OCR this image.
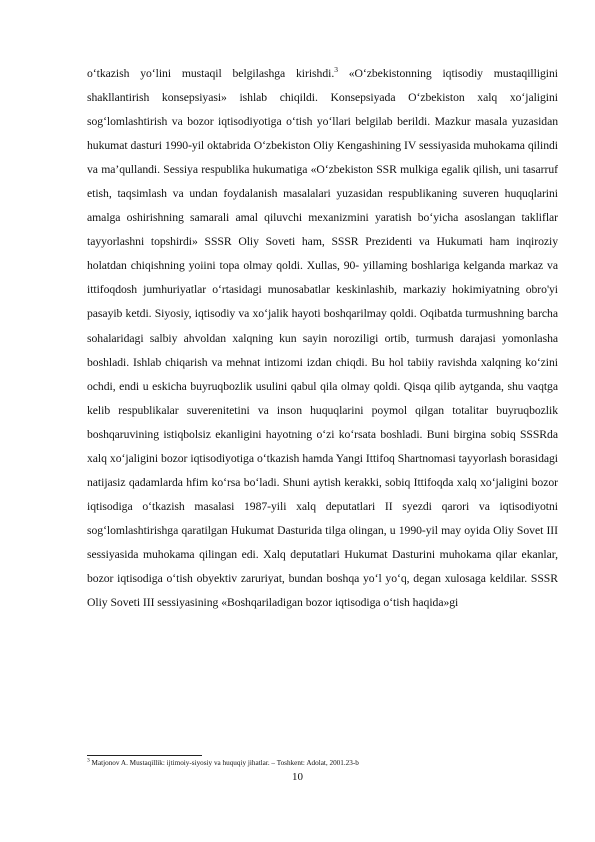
o‘tkazish yo‘lini mustaqil belgilashga kirishdi.$^3$ «O‘zbekistonning iqtisodiy mustaqilligini shakllantirish konsepsiyasi» ishlab chiqildi. Konsepsiyada O‘zbekiston xalq xo‘jaligini sog‘lomlashtirish va bozor iqtisodiyotiga o‘tish yo‘llari belgilab berildi. Mazkur masala yuzasidan hukumat dasturi 1990-yil oktabrida O‘zbekiston Oliy Kengashining IV sessiyasida muhokama qilindi va ma’qullandi. Sessiya respublika hukumatiga «O‘zbekiston SSR mulkiga egalik qilish, uni tasarruf etish, taqsimlash va undan foydalanish masalalari yuzasidan respublikaning suveren huquqlarini amalga oshirishning samarali amal qiluvchi mexanizmini yaratish bo‘yicha asoslangan takliflar tayyorlashni topshirdi» SSSR Oliy Soveti ham, SSSR Prezidenti va Hukumati ham inqiroziy holatdan chiqishning yoiini topa olmay qoldi. Xullas, 90- yillaming boshlariga kelganda markaz va ittifoqdosh jumhuriyatlar o‘rtasidagi munosabatlar keskinlashib, markaziy hokimiyatning obro'yi pasayib ketdi. Siyosiy, iqtisodiy va xo‘jalik hayoti boshqarilmay qoldi. Oqibatda turmushning barcha sohalaridagi salbiy ahvoldan xalqning kun sayin noroziligi ortib, turmush darajasi yomonlasha boshladi. Ishlab chiqarish va mehnat intizomi izdan chiqdi. Bu hol tabiiy ravishda xalqning ko‘zini ochdi, endi u eskicha buyruqbozlik usulini qabul qila olmay qoldi. Qisqa qilib aytganda, shu vaqtga kelib respublikalar suverenitetini va inson huquqlarini poymol qilgan totalitar buyruqbozlik boshqaruvining istiqbolsiz ekanligini hayotning o‘zi ko‘rsata boshladi. Buni birgina sobiq SSSRda xalq xo‘jaligini bozor iqtisodiyotiga o‘tkazish hamda Yangi Ittifoq Shartnomasi tayyorlash borasidagi natijasiz qadamlarda hfim ko‘rsa bo‘ladi. Shuni aytish kerakki, sobiq Ittifoqda xalq xo‘jaligini bozor iqtisodiga o‘tkazish masalasi 1987-yili xalq deputatlari II syezdi qarori va iqtisodiyotni sog‘lomlashtirishga qaratilgan Hukumat Dasturida tilga olingan, u 1990-yil may oyida Oliy Sovet III sessiyasida muhokama qilingan edi. Xalq deputatlari Hukumat Dasturini muhokama qilar ekanlar, bozor iqtisodiga o‘tish obyektiv zaruriyat, bundan boshqa yo‘l yo‘q, degan xulosaga keldilar. SSSR Oliy Soveti III sessiyasining «Boshqariladigan bozor iqtisodiga o‘tish haqida»gi

$^3$ Matjonov A. Mustaqillik: ijtimoiy-siyosiy va huquqiy jihatlar. – Toshkent: Adolat, 2001.23-b
10
